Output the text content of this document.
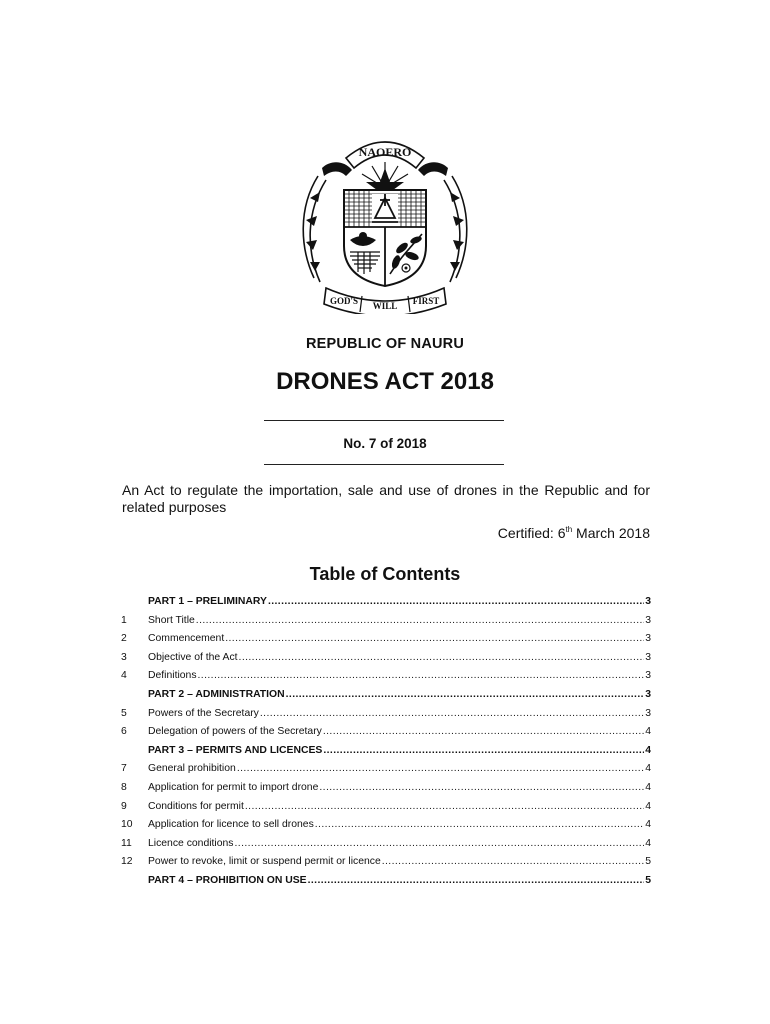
NAOERO
GOD'S WILL FIRST
REPUBLIC OF NAURU
DRONES ACT 2018
No. 7 of 2018
An Act to regulate the importation, sale and use of drones in the Republic and for related purposes
Certified: 6th March 2018
Table of Contents
PART 1 – PRELIMINARY .....	3
1	Short Title .....	3
2	Commencement .....	3
3	Objective of the Act .....	3
4	Definitions .....	3
PART 2 – ADMINISTRATION .....	3
5	Powers of the Secretary .....	3
6	Delegation of powers of the Secretary .....	4
PART 3 – PERMITS AND LICENCES .....	4
7	General prohibition .....	4
8	Application for permit to import drone .....	4
9	Conditions for permit .....	4
10	Application for licence to sell drones .....	4
11	Licence conditions .....	4
12	Power to revoke, limit or suspend permit or licence .....	5
PART 4 – PROHIBITION ON USE .....	5
